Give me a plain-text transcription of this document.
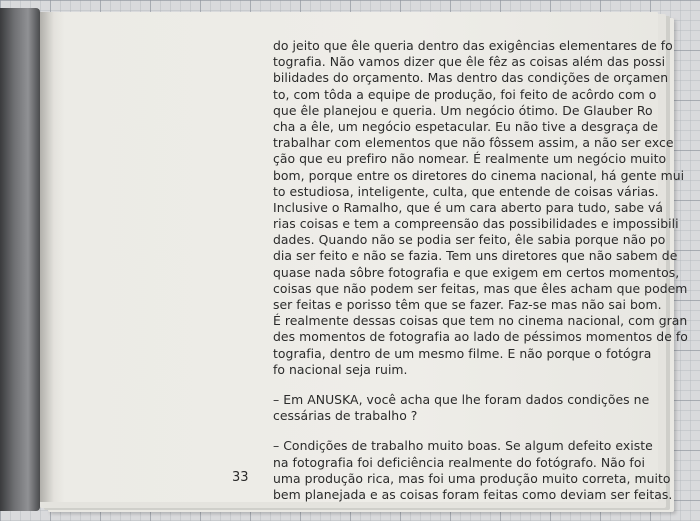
do jeito que êle queria dentro das exigências elementares de fo
tografia. Não vamos dizer que êle fêz as coisas além das possi
bilidades do orçamento. Mas dentro das condições de orçamen
to, com tôda a equipe de produção, foi feito de acôrdo com o
que êle planejou e queria. Um negócio ótimo. De Glauber Ro
cha a êle, um negócio espetacular. Eu não tive a desgraça de
trabalhar com elementos que não fôssem assim, a não ser exce
ção que eu prefiro não nomear. É realmente um negócio muito
bom, porque entre os diretores do cinema nacional, há gente mui
to estudiosa, inteligente, culta, que entende de coisas várias.
Inclusive o Ramalho, que é um cara aberto para tudo, sabe vá
rias coisas e tem a compreensão das possibilidades e impossibili
dades. Quando não se podia ser feito, êle sabia porque não po
dia ser feito e não se fazia. Tem uns diretores que não sabem de
quase nada sôbre fotografia e que exigem em certos momentos,
coisas que não podem ser feitas, mas que êles acham que podem
ser feitas e porisso têm que se fazer. Faz-se mas não sai bom.
É realmente dessas coisas que tem no cinema nacional, com gran
des momentos de fotografia ao lado de péssimos momentos de fo
tografia, dentro de um mesmo filme. E não porque o fotógra
fo nacional seja ruim.

– Em ANUSKA, você acha que lhe foram dados condições ne
cessárias de trabalho ?

– Condições de trabalho muito boas. Se algum defeito existe
na fotografia foi deficiência realmente do fotógrafo. Não foi
uma produção rica, mas foi uma produção muito correta, muito
bem planejada e as coisas foram feitas como deviam ser feitas.

33
